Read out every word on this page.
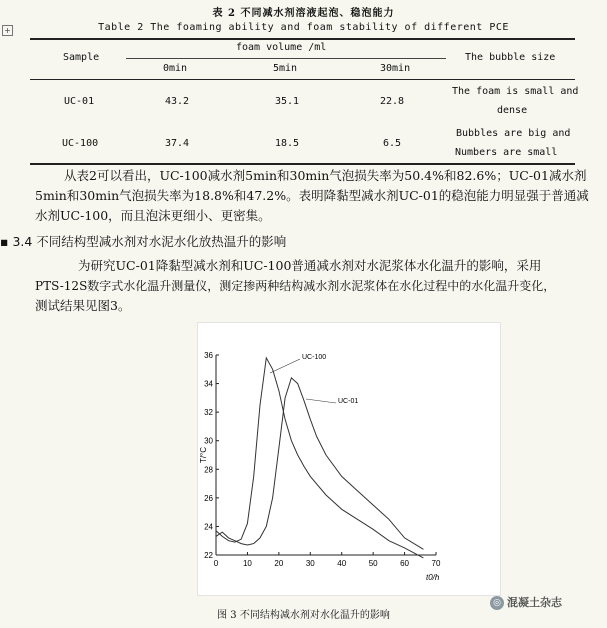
表 2 不同减水剂溶液起泡、稳泡能力
Table 2 The foaming ability and foam stability of different PCE
+
Sample
foam volume /ml
0min	5min	30min
The bubble size
UC-01	43.2	35.1	22.8
The foam is small and
dense
UC-100	37.4	18.5	6.5
Bubbles are big and
Numbers are small
从表2可以看出，UC-100减水剂5min和30min气泡损失率为50.4%和82.6%；UC-01减水剂
5min和30min气泡损失率为18.8%和47.2%。表明降黏型减水剂UC-01的稳泡能力明显强于普通减
水剂UC-100，而且泡沫更细小、更密集。
▪ 3.4 不同结构型减水剂对水泥水化放热温升的影响
为研究UC-01降黏型减水剂和UC-100普通减水剂对水泥浆体水化温升的影响，采用
PTS-12S数字式水化温升测量仪，测定掺两种结构减水剂水泥浆体在水化过程中的水化温升变化，
测试结果见图3。
0	10	20	30	40	50	60	70
22
24
26
28
30
32
34
36
t0/h
T/°C
UC-100
UC-01
图 3 不同结构减水剂对水化温升的影响
◎ 混凝土杂志
